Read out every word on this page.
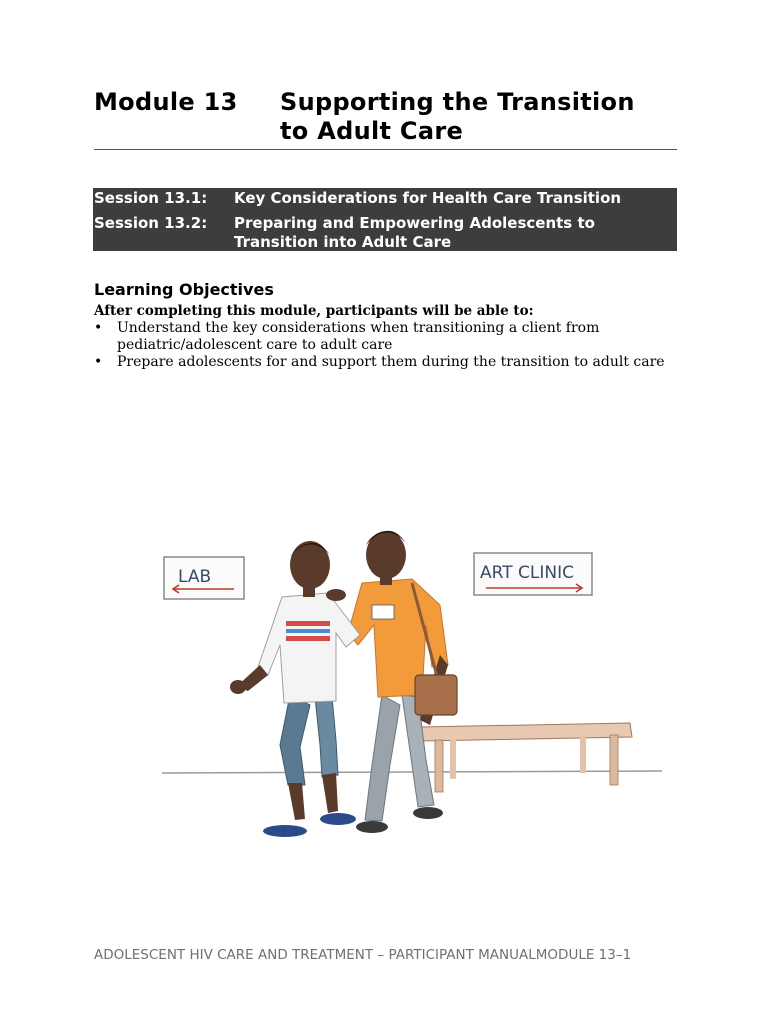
Module 13	Supporting the Transition
to Adult Care
Session 13.1:	Key Considerations for Health Care Transition
Session 13.2:	Preparing and Empowering Adolescents to Transition into Adult Care
Learning Objectives
After completing this module, participants will be able to:
•	Understand the key considerations when transitioning a client from pediatric/adolescent care to adult care
•	Prepare adolescents for and support them during the transition to adult care
LAB	ART CLINIC
ADOLESCENT HIV CARE AND TREATMENT – PARTICIPANT MANUALMODULE 13–1
